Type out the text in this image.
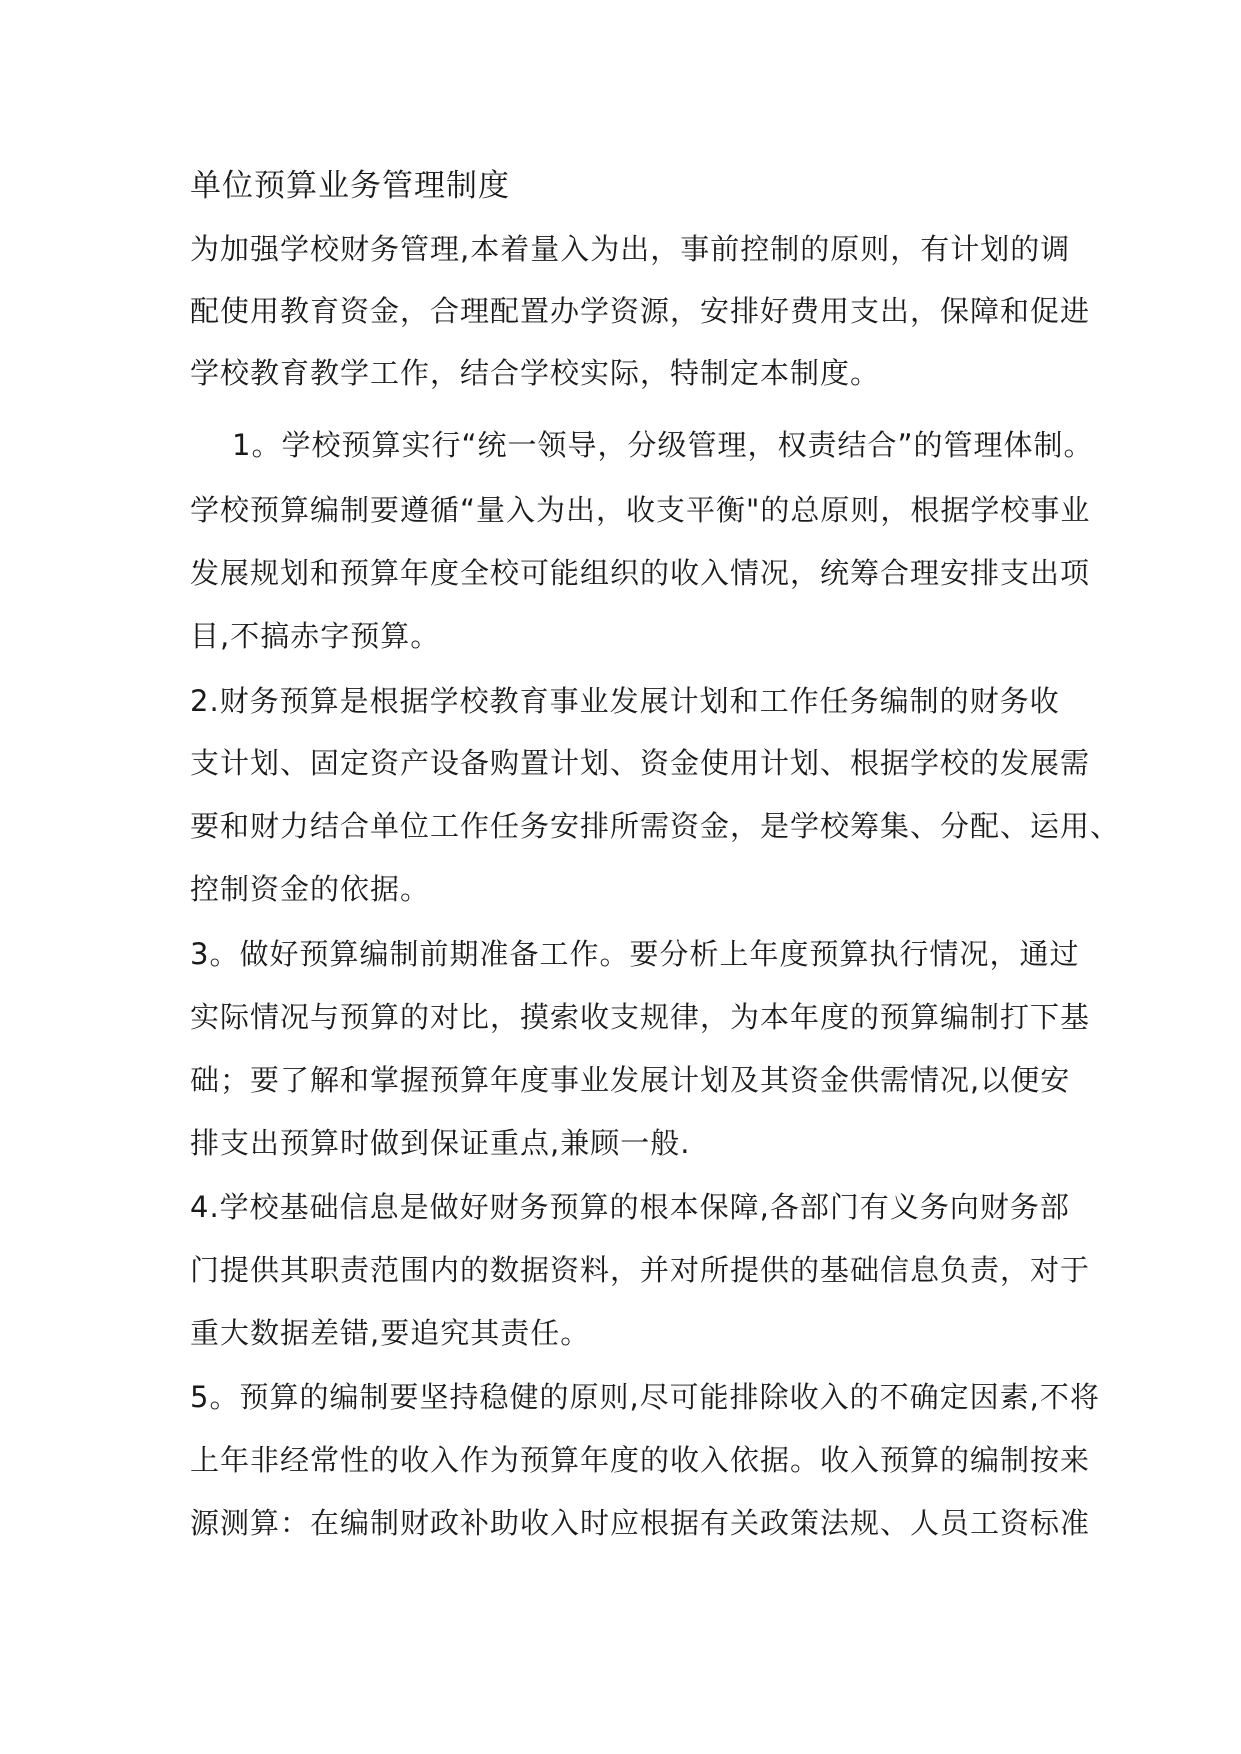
单位预算业务管理制度
为加强学校财务管理,本着量入为出，事前控制的原则，有计划的调
配使用教育资金，合理配置办学资源，安排好费用支出，保障和促进
学校教育教学工作，结合学校实际，特制定本制度。
1。学校预算实行“统一领导，分级管理，权责结合”的管理体制。
学校预算编制要遵循“量入为出，收支平衡"的总原则，根据学校事业
发展规划和预算年度全校可能组织的收入情况，统筹合理安排支出项
目,不搞赤字预算。
2.财务预算是根据学校教育事业发展计划和工作任务编制的财务收
支计划、固定资产设备购置计划、资金使用计划、根据学校的发展需
要和财力结合单位工作任务安排所需资金，是学校筹集、分配、运用、
控制资金的依据。
3。做好预算编制前期准备工作。要分析上年度预算执行情况，通过
实际情况与预算的对比，摸索收支规律，为本年度的预算编制打下基
础；要了解和掌握预算年度事业发展计划及其资金供需情况,以便安
排支出预算时做到保证重点,兼顾一般.
4.学校基础信息是做好财务预算的根本保障,各部门有义务向财务部
门提供其职责范围内的数据资料，并对所提供的基础信息负责，对于
重大数据差错,要追究其责任。
5。预算的编制要坚持稳健的原则,尽可能排除收入的不确定因素,不将
上年非经常性的收入作为预算年度的收入依据。收入预算的编制按来
源测算：在编制财政补助收入时应根据有关政策法规、人员工资标准
